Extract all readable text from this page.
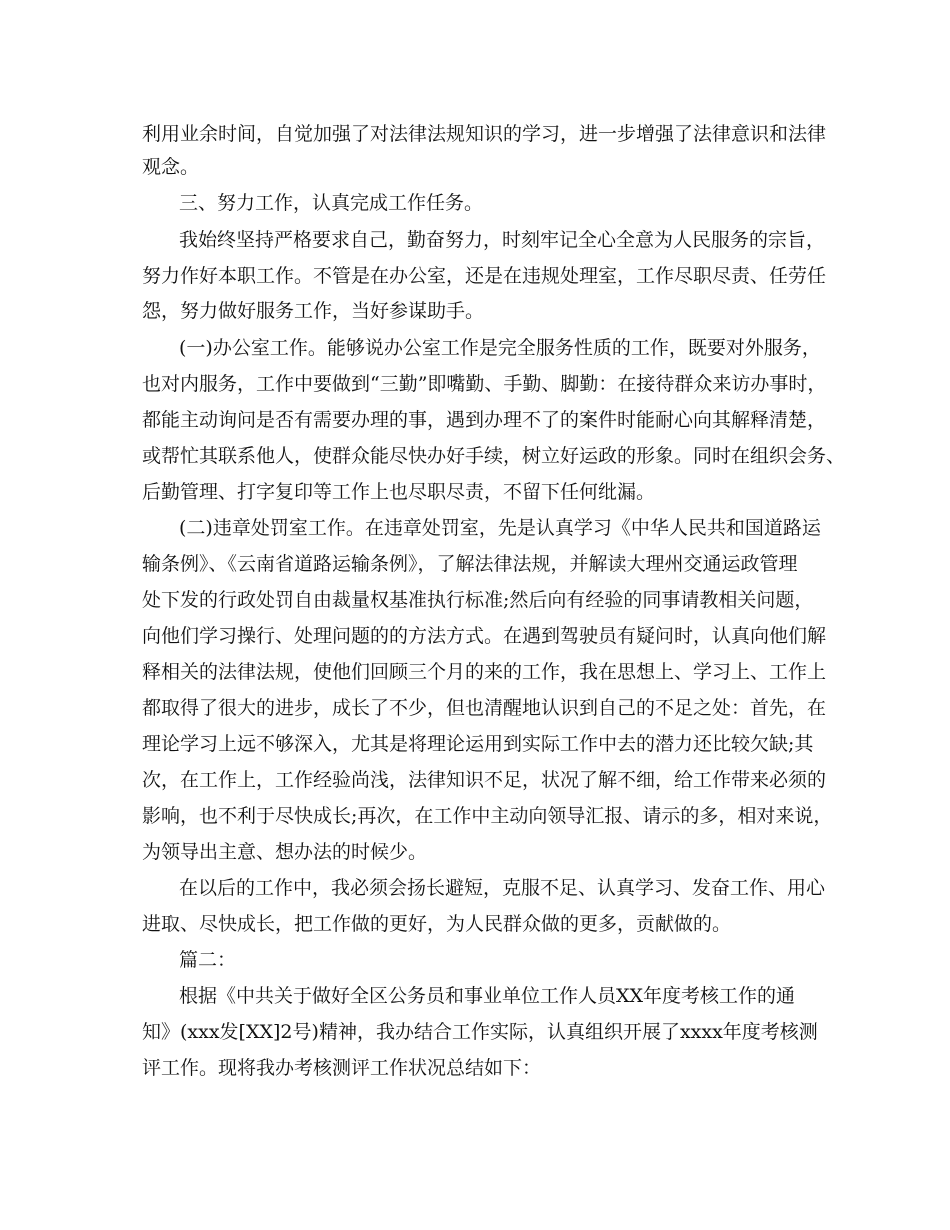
利用业余时间，自觉加强了对法律法规知识的学习，进一步增强了法律意识和法律
观念。
三、努力工作，认真完成工作任务。
我始终坚持严格要求自己，勤奋努力，时刻牢记全心全意为人民服务的宗旨，
努力作好本职工作。不管是在办公室，还是在违规处理室，工作尽职尽责、任劳任
怨，努力做好服务工作，当好参谋助手。
(一)办公室工作。能够说办公室工作是完全服务性质的工作，既要对外服务，
也对内服务，工作中要做到“三勤”即嘴勤、手勤、脚勤：在接待群众来访办事时，
都能主动询问是否有需要办理的事，遇到办理不了的案件时能耐心向其解释清楚，
或帮忙其联系他人，使群众能尽快办好手续，树立好运政的形象。同时在组织会务、
后勤管理、打字复印等工作上也尽职尽责，不留下任何纰漏。
(二)违章处罚室工作。在违章处罚室，先是认真学习《中华人民共和国道路运
输条例》、《云南省道路运输条例》，了解法律法规，并解读大理州交通运政管理
处下发的行政处罚自由裁量权基准执行标准;然后向有经验的同事请教相关问题，
向他们学习操行、处理问题的的方法方式。在遇到驾驶员有疑问时，认真向他们解
释相关的法律法规，使他们回顾三个月的来的工作，我在思想上、学习上、工作上
都取得了很大的进步，成长了不少，但也清醒地认识到自己的不足之处：首先，在
理论学习上远不够深入，尤其是将理论运用到实际工作中去的潜力还比较欠缺;其
次，在工作上，工作经验尚浅，法律知识不足，状况了解不细，给工作带来必须的
影响，也不利于尽快成长;再次，在工作中主动向领导汇报、请示的多，相对来说，
为领导出主意、想办法的时候少。
在以后的工作中，我必须会扬长避短，克服不足、认真学习、发奋工作、用心
进取、尽快成长，把工作做的更好，为人民群众做的更多，贡献做的。
篇二：
根据《中共关于做好全区公务员和事业单位工作人员XX年度考核工作的通
知》(xxx发[XX]2号)精神，我办结合工作实际，认真组织开展了xxxx年度考核测
评工作。现将我办考核测评工作状况总结如下：
